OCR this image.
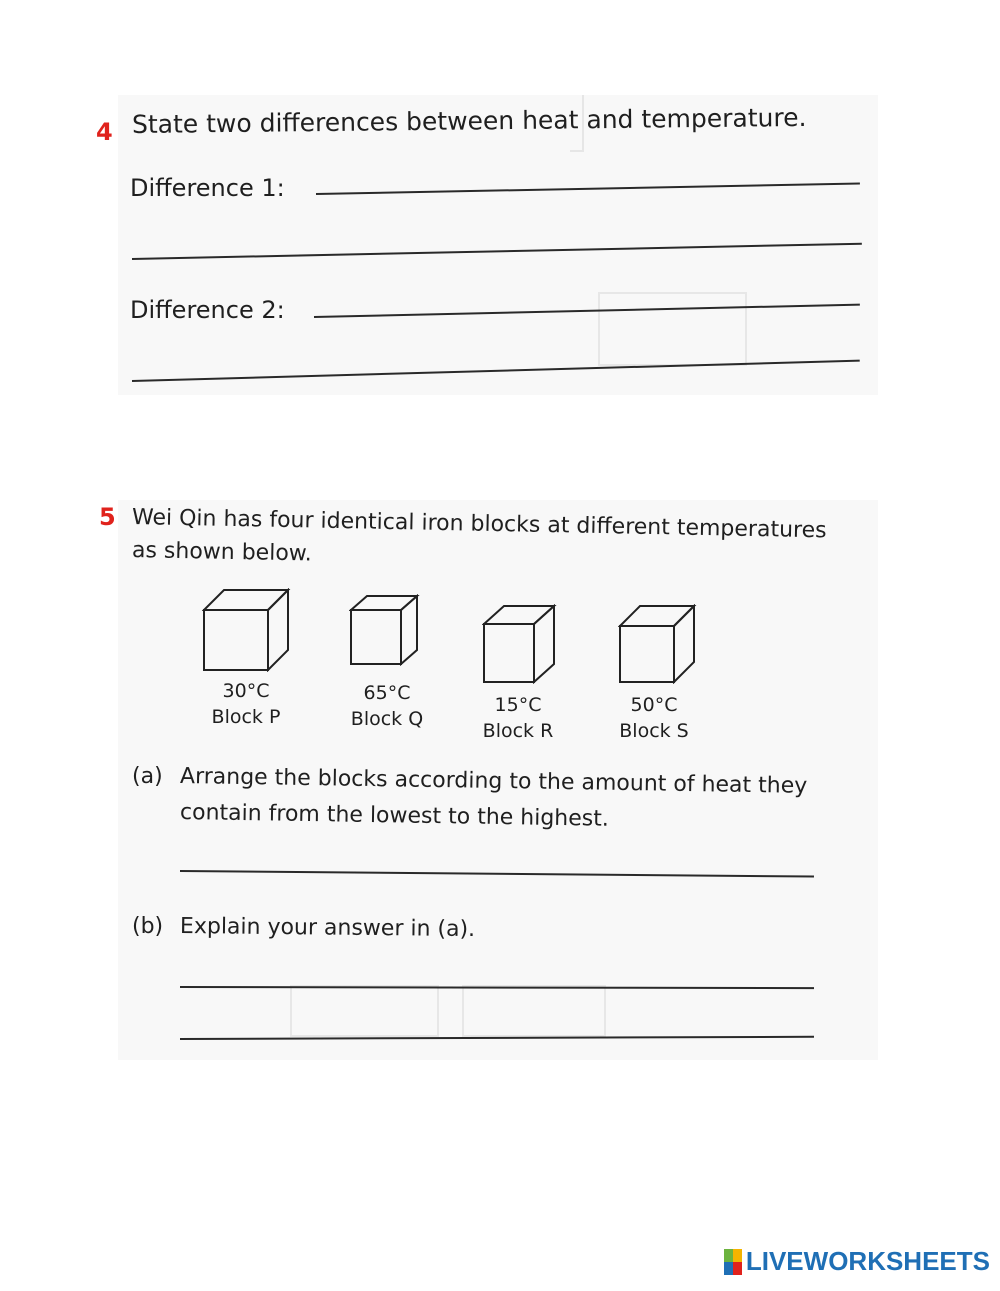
4 State two differences between heat and temperature.
Difference 1:
Difference 2:
5 Wei Qin has four identical iron blocks at different temperatures
as shown below.
30°C
Block P
65°C
Block Q
15°C
Block R
50°C
Block S
(a) Arrange the blocks according to the amount of heat they
contain from the lowest to the highest.
(b) Explain your answer in (a).
LIVEWORKSHEETS
